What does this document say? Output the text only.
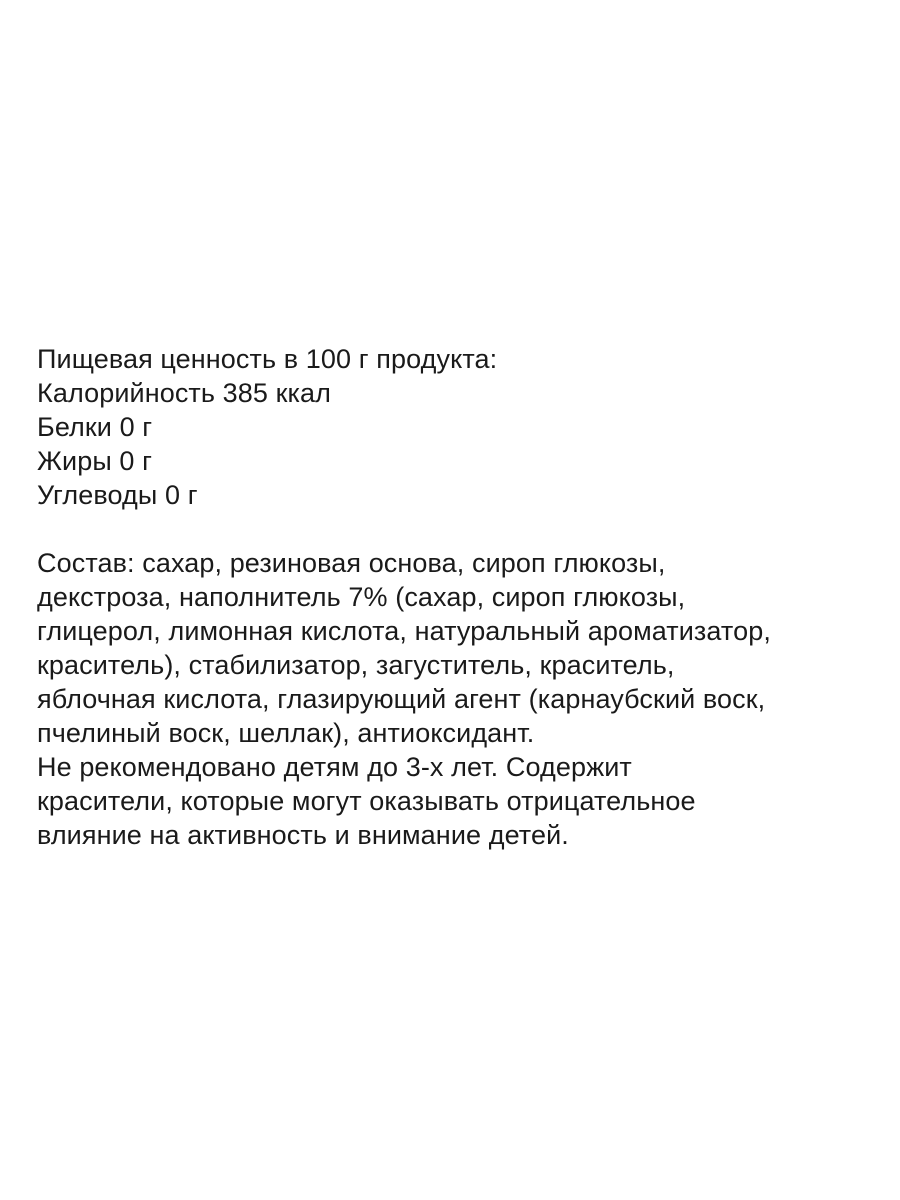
Пищевая ценность в 100 г продукта:
Калорийность 385 ккал
Белки 0 г
Жиры 0 г
Углеводы 0 г
Состав: сахар, резиновая основа, сироп глюкозы,
декстроза, наполнитель 7% (сахар, сироп глюкозы,
глицерол, лимонная кислота, натуральный ароматизатор,
краситель), стабилизатор, загуститель, краситель,
яблочная кислота, глазирующий агент (карнаубский воск,
пчелиный воск, шеллак), антиоксидант.
Не рекомендовано детям до 3-х лет. Содержит
красители, которые могут оказывать отрицательное
влияние на активность и внимание детей.
